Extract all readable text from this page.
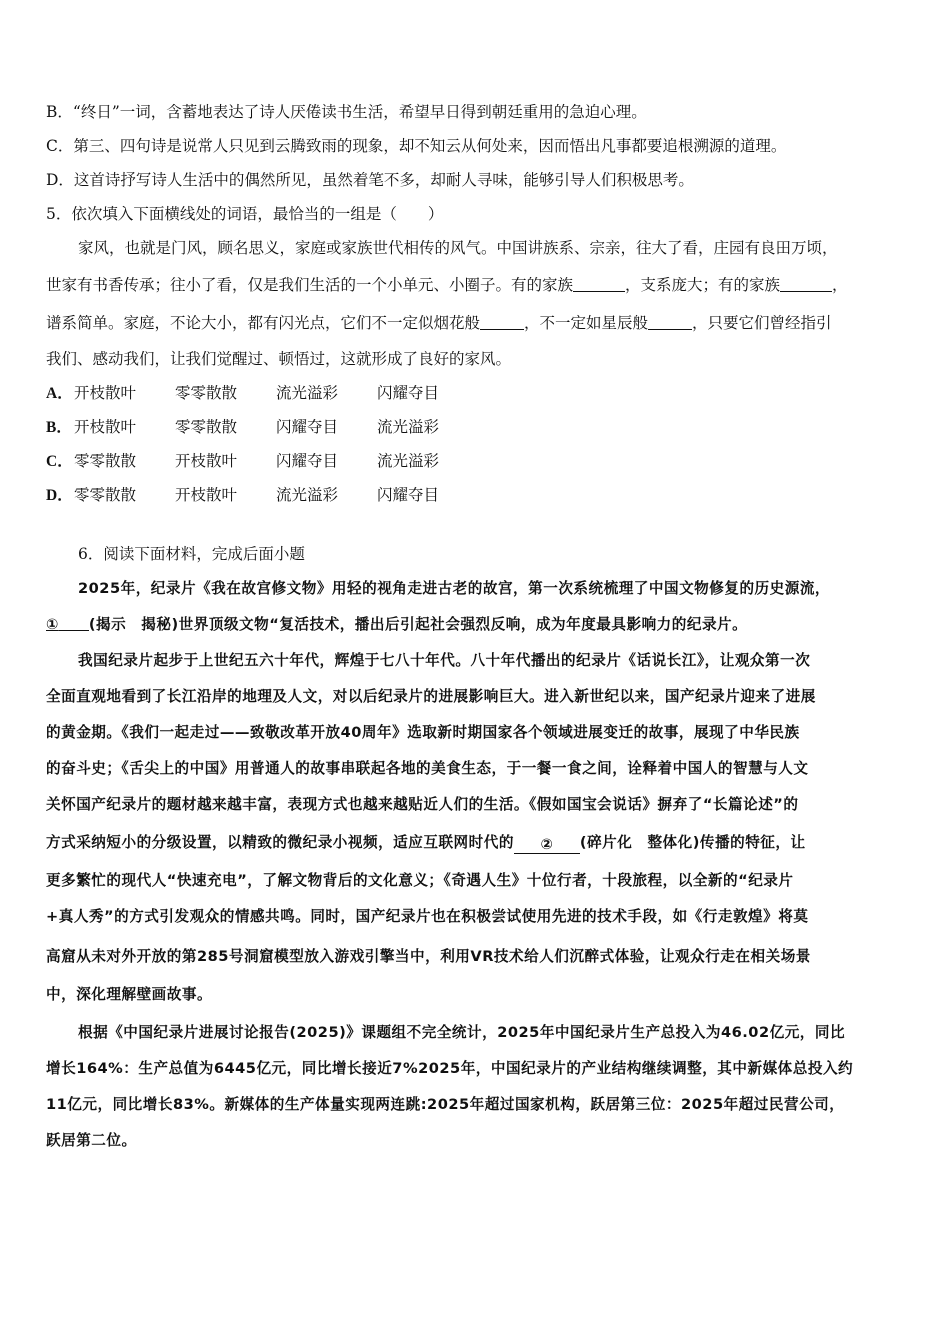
B．“终日”一词，含蓄地表达了诗人厌倦读书生活，希望早日得到朝廷重用的急迫心理。
C．第三、四句诗是说常人只见到云腾致雨的现象，却不知云从何处来，因而悟出凡事都要追根溯源的道理。
D．这首诗抒写诗人生活中的偶然所见，虽然着笔不多，却耐人寻味，能够引导人们积极思考。
5．依次填入下面横线处的词语，最恰当的一组是（　　）
家风，也就是门风，顾名思义，家庭或家族世代相传的风气。中国讲族系、宗亲，往大了看，庄园有良田万顷，
世家有书香传承；往小了看，仅是我们生活的一个小单元、小圈子。有的家族	，支系庞大；有的家族	，
谱系简单。家庭，不论大小，都有闪光点，它们不一定似烟花般	，不一定如星辰般	，只要它们曾经指引
我们、感动我们，让我们觉醒过、顿悟过，这就形成了良好的家风。
A． 开枝散叶	零零散散	流光溢彩	闪耀夺目
B． 开枝散叶	零零散散	闪耀夺目	流光溢彩
C． 零零散散	开枝散叶	闪耀夺目	流光溢彩
D． 零零散散	开枝散叶	流光溢彩	闪耀夺目
6．阅读下面材料，完成后面小题
2025年，纪录片《我在故宫修文物》用轻的视角走进古老的故宫，第一次系统梳理了中国文物修复的历史源流，
① (揭示　揭秘)世界顶级文物“复活技术，播出后引起社会强烈反响，成为年度最具影响力的纪录片。
我国纪录片起步于上世纪五六十年代，辉煌于七八十年代。八十年代播出的纪录片《话说长江》，让观众第一次
全面直观地看到了长江沿岸的地理及人文，对以后纪录片的进展影响巨大。进入新世纪以来，国产纪录片迎来了进展
的黄金期。《我们一起走过——致敬改革开放40周年》选取新时期国家各个领域进展变迁的故事，展现了中华民族
的奋斗史；《舌尖上的中国》用普通人的故事串联起各地的美食生态，于一餐一食之间，诠释着中国人的智慧与人文
关怀国产纪录片的题材越来越丰富，表现方式也越来越贴近人们的生活。《假如国宝会说话》摒弃了“长篇论述”的
方式采纳短小的分级设置，以精致的微纪录小视频，适应互联网时代的 ② (碎片化　整体化)传播的特征，让
更多繁忙的现代人“快速充电”，了解文物背后的文化意义；《奇遇人生》十位行者，十段旅程，以全新的“纪录片
+真人秀”的方式引发观众的情感共鸣。同时，国产纪录片也在积极尝试使用先进的技术手段，如《行走敦煌》将莫
高窟从未对外开放的第285号洞窟模型放入游戏引擎当中，利用VR技术给人们沉醉式体验，让观众行走在相关场景
中，深化理解壁画故事。
根据《中国纪录片进展讨论报告(2025)》课题组不完全统计，2025年中国纪录片生产总投入为46.02亿元，同比
增长164%：生产总值为6445亿元，同比增长接近7%2025年，中国纪录片的产业结构继续调整，其中新媒体总投入约
11亿元，同比增长83%。新媒体的生产体量实现两连跳:2025年超过国家机构，跃居第三位：2025年超过民营公司，
跃居第二位。
